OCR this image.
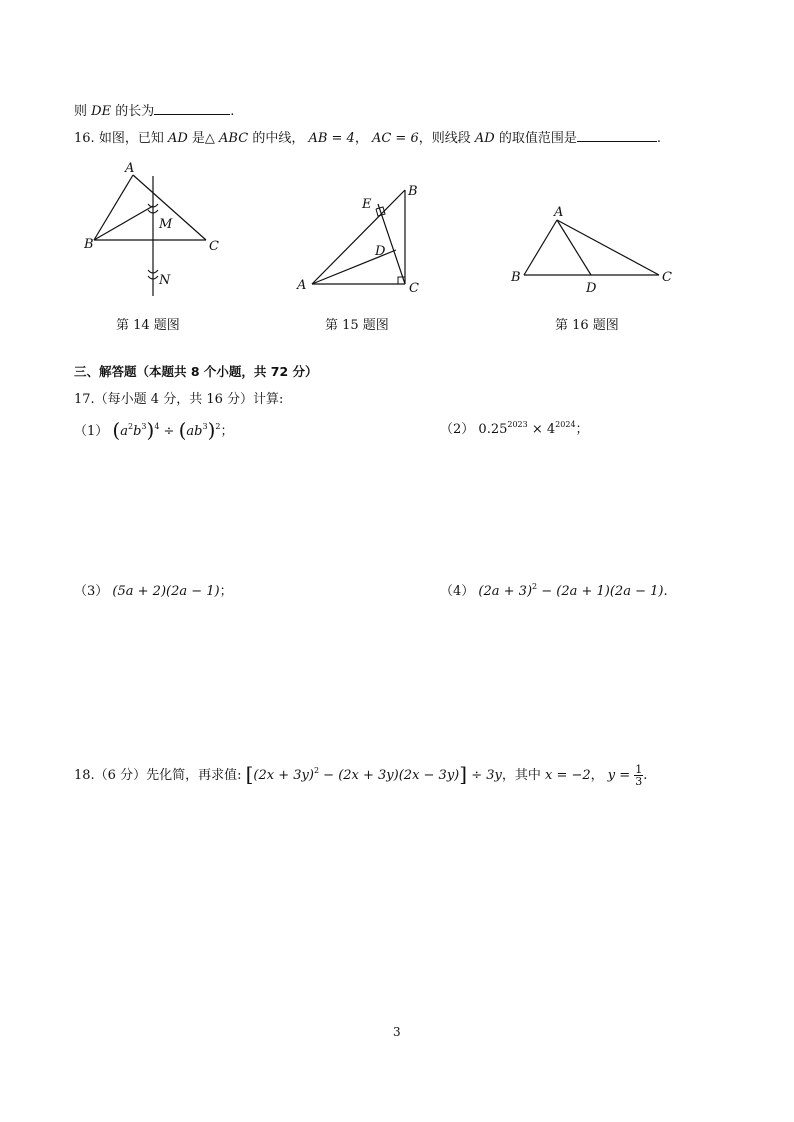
则 DE 的长为	.
16. 如图，已知 AD 是△ ABC 的中线， AB = 4， AC = 6，则线段 AD 的取值范围是	.
A
B	C
M
N
第 14 题图
B
E
D
A	C
第 15 题图
A
B	C
D
第 16 题图
三、解答题（本题共 8 个小题，共 72 分）
17.（每小题 4 分，共 16 分）计算:
（1） $(a^2b^3)^4 \div (ab^3)^2$；	（2） $0.25^{2023} \times 4^{2024}$；
（3） (5a + 2)(2a − 1)；	（4） $(2a + 3)^2 - (2a + 1)(2a - 1)$.
18.（6 分）先化简，再求值: $[(2x + 3y)^2 - (2x + 3y)(2x - 3y)] \div 3y$，其中 x = −2， $y = \frac{1}{3}$ .
3
